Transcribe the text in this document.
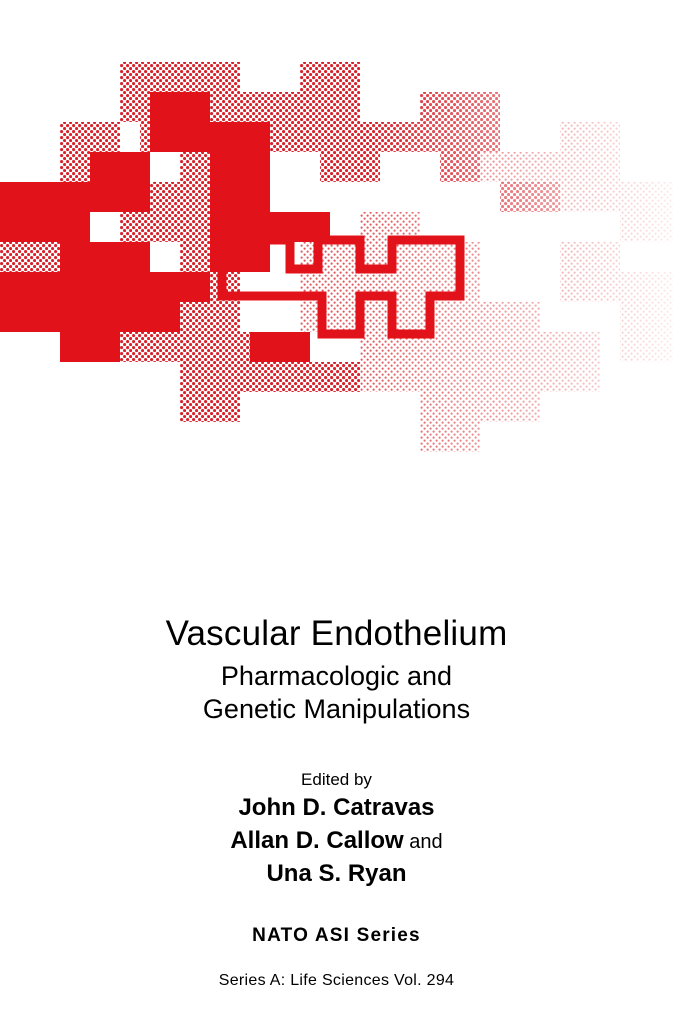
Vascular Endothelium

Pharmacologic and
Genetic Manipulations

Edited by
John D. Catravas
Allan D. Callow and
Una S. Ryan
NATO ASI Series
Series A: Life Sciences Vol. 294
